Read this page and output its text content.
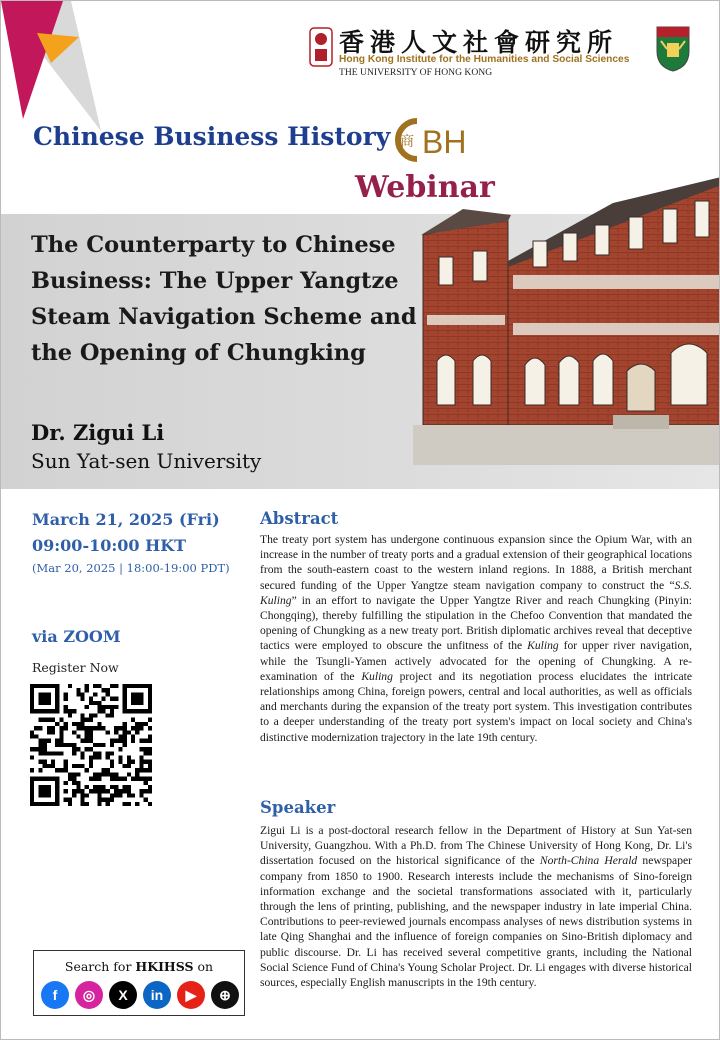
香港人文社會研究所
Hong Kong Institute for the Humanities and Social Sciences
THE UNIVERSITY OF HONG KONG
Chinese Business History 商 BH
Webinar
The Counterparty to Chinese Business: The Upper Yangtze Steam Navigation Scheme and the Opening of Chungking
Dr. Zigui Li
Sun Yat-sen University
March 21, 2025 (Fri)
09:00-10:00 HKT
(Mar 20, 2025 | 18:00-19:00 PDT)
via ZOOM
Register Now
Search for HKIHSS on
f	◎	X	in	▶	⊕
Abstract
The treaty port system has undergone continuous expansion since the Opium War, with an increase in the number of treaty ports and a gradual extension of their geographical locations from the south-eastern coast to the western inland regions. In 1888, a British merchant secured funding of the Upper Yangtze steam navigation company to construct the “S.S. Kuling” in an effort to navigate the Upper Yangtze River and reach Chungking (Pinyin: Chongqing), thereby fulfilling the stipulation in the Chefoo Convention that mandated the opening of Chungking as a new treaty port. British diplomatic archives reveal that deceptive tactics were employed to obscure the unfitness of the Kuling for upper river navigation, while the Tsungli-Yamen actively advocated for the opening of Chungking. A re-examination of the Kuling project and its negotiation process elucidates the intricate relationships among China, foreign powers, central and local authorities, as well as officials and merchants during the expansion of the treaty port system. This investigation contributes to a deeper understanding of the treaty port system's impact on local society and China's distinctive modernization trajectory in the late 19th century.
Speaker
Zigui Li is a post-doctoral research fellow in the Department of History at Sun Yat-sen University, Guangzhou. With a Ph.D. from The Chinese University of Hong Kong, Dr. Li's dissertation focused on the historical significance of the North-China Herald newspaper company from 1850 to 1900. Research interests include the mechanisms of Sino-foreign information exchange and the societal transformations associated with it, particularly through the lens of printing, publishing, and the newspaper industry in late imperial China. Contributions to peer-reviewed journals encompass analyses of news distribution systems in late Qing Shanghai and the influence of foreign companies on Sino-British diplomacy and public discourse. Dr. Li has received several competitive grants, including the National Social Science Fund of China's Young Scholar Project. Dr. Li engages with diverse historical sources, especially English manuscripts in the 19th century.
